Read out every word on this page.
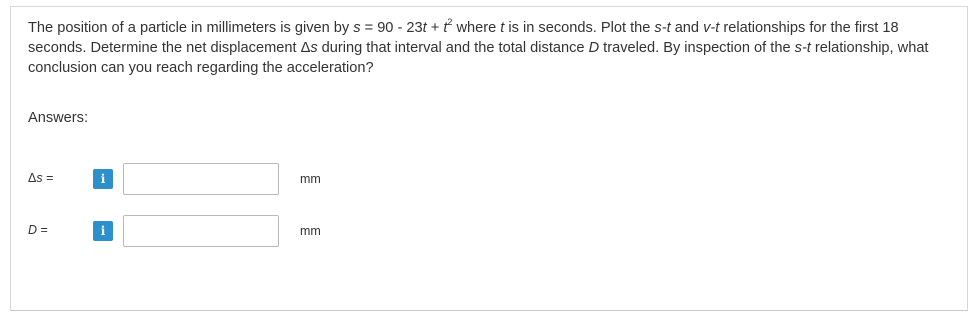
The position of a particle in millimeters is given by $s = 90 - 23t + t^2$ where t is in seconds. Plot the s-t and v-t relationships for the first 18 seconds. Determine the net displacement Δs during that interval and the total distance D traveled. By inspection of the s-t relationship, what conclusion can you reach regarding the acceleration?
Answers:
Δs =	i	mm
D =	i	mm
